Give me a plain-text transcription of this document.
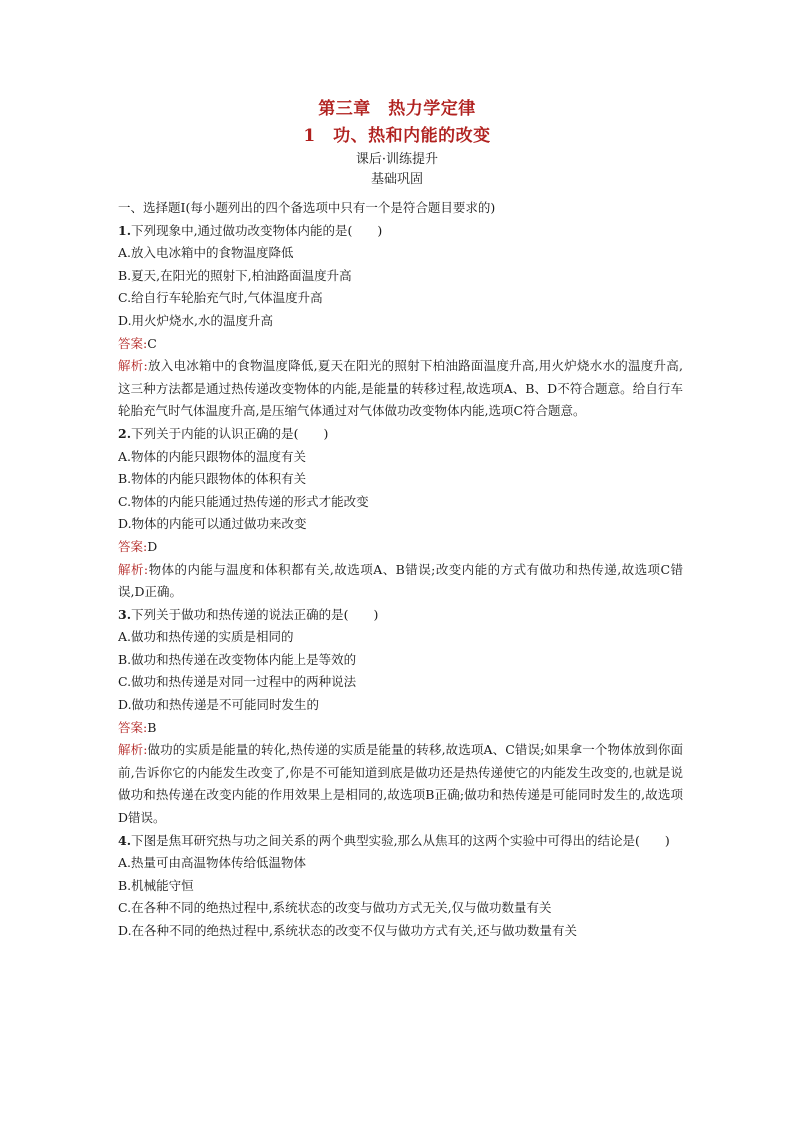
第三章　热力学定律

1　功、热和内能的改变

课后·训练提升

基础巩固

一、选择题Ⅰ(每小题列出的四个备选项中只有一个是符合题目要求的)
1.下列现象中,通过做功改变物体内能的是(　　)
A.放入电冰箱中的食物温度降低
B.夏天,在阳光的照射下,柏油路面温度升高
C.给自行车轮胎充气时,气体温度升高
D.用火炉烧水,水的温度升高
答案:C
解析:放入电冰箱中的食物温度降低,夏天在阳光的照射下柏油路面温度升高,用火炉烧水水的温度升高,这三种方法都是通过热传递改变物体的内能,是能量的转移过程,故选项A、B、D不符合题意。给自行车轮胎充气时气体温度升高,是压缩气体通过对气体做功改变物体内能,选项C符合题意。
2.下列关于内能的认识正确的是(　　)
A.物体的内能只跟物体的温度有关
B.物体的内能只跟物体的体积有关
C.物体的内能只能通过热传递的形式才能改变
D.物体的内能可以通过做功来改变
答案:D
解析:物体的内能与温度和体积都有关,故选项A、B错误;改变内能的方式有做功和热传递,故选项C错误,D正确。
3.下列关于做功和热传递的说法正确的是(　　)
A.做功和热传递的实质是相同的
B.做功和热传递在改变物体内能上是等效的
C.做功和热传递是对同一过程中的两种说法
D.做功和热传递是不可能同时发生的
答案:B
解析:做功的实质是能量的转化,热传递的实质是能量的转移,故选项A、C错误;如果拿一个物体放到你面前,告诉你它的内能发生改变了,你是不可能知道到底是做功还是热传递使它的内能发生改变的,也就是说做功和热传递在改变内能的作用效果上是相同的,故选项B正确;做功和热传递是可能同时发生的,故选项D错误。
4.下图是焦耳研究热与功之间关系的两个典型实验,那么从焦耳的这两个实验中可得出的结论是(　　)
A.热量可由高温物体传给低温物体
B.机械能守恒
C.在各种不同的绝热过程中,系统状态的改变与做功方式无关,仅与做功数量有关
D.在各种不同的绝热过程中,系统状态的改变不仅与做功方式有关,还与做功数量有关
